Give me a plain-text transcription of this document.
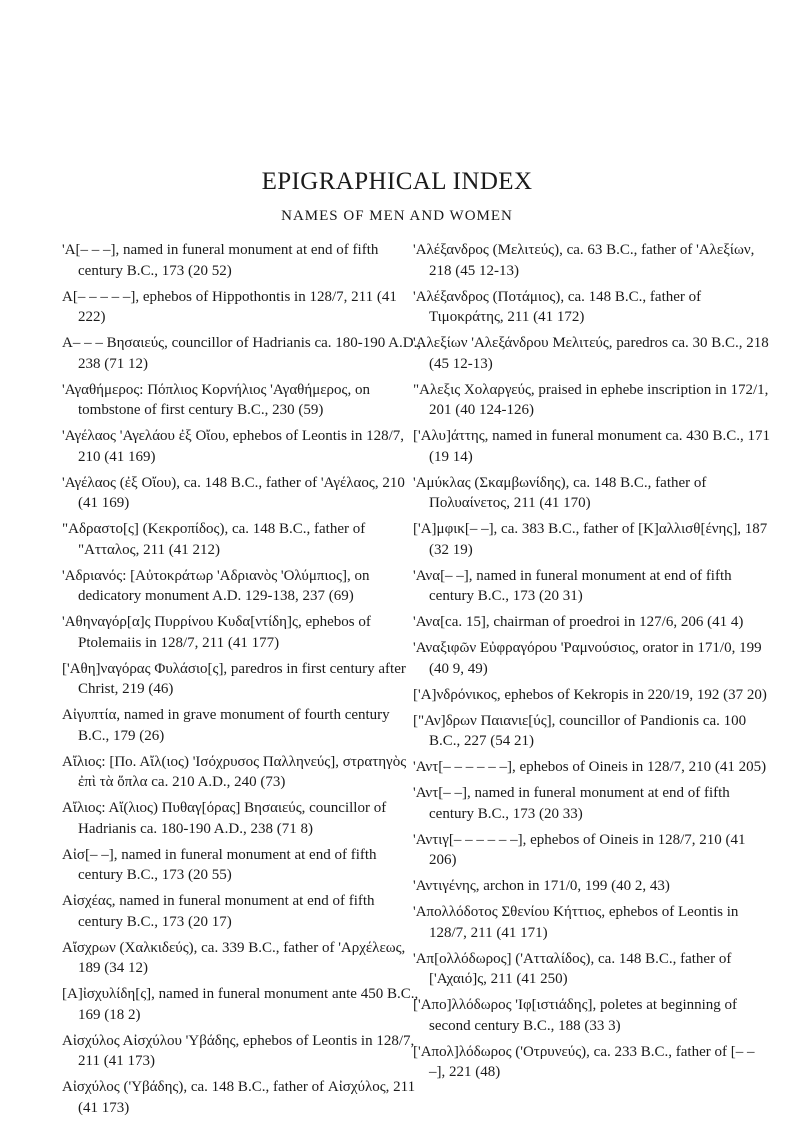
EPIGRAPHICAL INDEX
NAMES OF MEN AND WOMEN

'Α[– – –], named in funeral monument at end of fifth century B.C., 173 (20 52)

Α[– – – – –], ephebos of Hippothontis in 128/7, 211 (41 222)

Α– – – Βησαιεύς, councillor of Hadrianis ca. 180-190 A.D., 238 (71 12)

'Αγαθήμερος: Πόπλιος Κορνήλιος 'Αγαθήμερος, on tombstone of first century B.C., 230 (59)

'Αγέλαος 'Αγελάου ἐξ Οἴου, ephebos of Leontis in 128/7, 210 (41 169)

'Αγέλαος (ἐξ Οἴου), ca. 148 B.C., father of 'Αγέλαος, 210 (41 169)

"Αδραστο[ς] (Κεκροπίδος), ca. 148 B.C., father of "Ατταλος, 211 (41 212)

'Αδριανός: [Αὐτοκράτωρ 'Αδριανὸς 'Ολύμπιος], on dedicatory monument A.D. 129-138, 237 (69)

'Αθηναγόρ[α]ς Πυρρίνου Κυδα[ντίδη]ς, ephebos of Ptolemaiis in 128/7, 211 (41 177)

['Αθη]ναγόρας Φυλάσιο[ς], paredros in first century after Christ, 219 (46)

Αἰγυπτία, named in grave monument of fourth century B.C., 179 (26)

Αἴλιος: [Πο. Αἴλ(ιος) 'Ισόχρυσος Παλληνεύς], στρατηγὸς ἐπὶ τὰ ὅπλα ca. 210 A.D., 240 (73)

Αἴλιος: Αἴ(λιος) Πυθαγ[όρας] Βησαιεύς, councillor of Hadrianis ca. 180-190 A.D., 238 (71 8)

Αἰσ[– –], named in funeral monument at end of fifth century B.C., 173 (20 55)

Αἰσχέας, named in funeral monument at end of fifth century B.C., 173 (20 17)

Αἴσχρων (Χαλκιδεύς), ca. 339 B.C., father of 'Αρχέλεως, 189 (34 12)

[Α]ἰσχυλίδη[ς], named in funeral monument ante 450 B.C., 169 (18 2)

Αἰσχύλος Αἰσχύλου 'Υβάδης, ephebos of Leontis in 128/7, 211 (41 173)

Αἰσχύλος ('Υβάδης), ca. 148 B.C., father of Αἰσχύλος, 211 (41 173)

'Αλέξανδρος (Μελιτεύς), ca. 63 B.C., father of 'Αλεξίων, 218 (45 12-13)

'Αλέξανδρος (Ποτάμιος), ca. 148 B.C., father of Τιμοκράτης, 211 (41 172)

'Αλεξίων 'Αλεξάνδρου Μελιτεύς, paredros ca. 30 B.C., 218 (45 12-13)

"Αλεξις Χολαργεύς, praised in ephebe inscription in 172/1, 201 (40 124-126)

['Αλυ]άττης, named in funeral monument ca. 430 B.C., 171 (19 14)

'Αμύκλας (Σκαμβωνίδης), ca. 148 B.C., father of Πολυαίνετος, 211 (41 170)

['Α]μφικ[– –], ca. 383 B.C., father of [Κ]αλλισθ[ένης], 187 (32 19)

'Ανα[– –], named in funeral monument at end of fifth century B.C., 173 (20 31)

'Ανα[ca. 15], chairman of proedroi in 127/6, 206 (41 4)

'Αναξιφῶν Εὐφραγόρου 'Ραμνούσιος, orator in 171/0, 199 (40 9, 49)

['Α]νδρόνικος, ephebos of Kekropis in 220/19, 192 (37 20)

["Αν]δρων Παιανιε[ύς], councillor of Pandionis ca. 100 B.C., 227 (54 21)

'Αντ[– – – – – –], ephebos of Oineis in 128/7, 210 (41 205)

'Αντ[– –], named in funeral monument at end of fifth century B.C., 173 (20 33)

'Αντιγ[– – – – – –], ephebos of Oineis in 128/7, 210 (41 206)

'Αντιγένης, archon in 171/0, 199 (40 2, 43)

'Απολλόδοτος Σθενίου Κήττιος, ephebos of Leontis in 128/7, 211 (41 171)

'Απ[ολλόδωρος] ('Ατταλίδος), ca. 148 B.C., father of ['Αχαιό]ς, 211 (41 250)

['Απο]λλόδωρος 'Ιφ[ιστιάδης], poletes at beginning of second century B.C., 188 (33 3)

['Απολ]λόδωρος ('Οτρυνεύς), ca. 233 B.C., father of [– – –], 221 (48)
